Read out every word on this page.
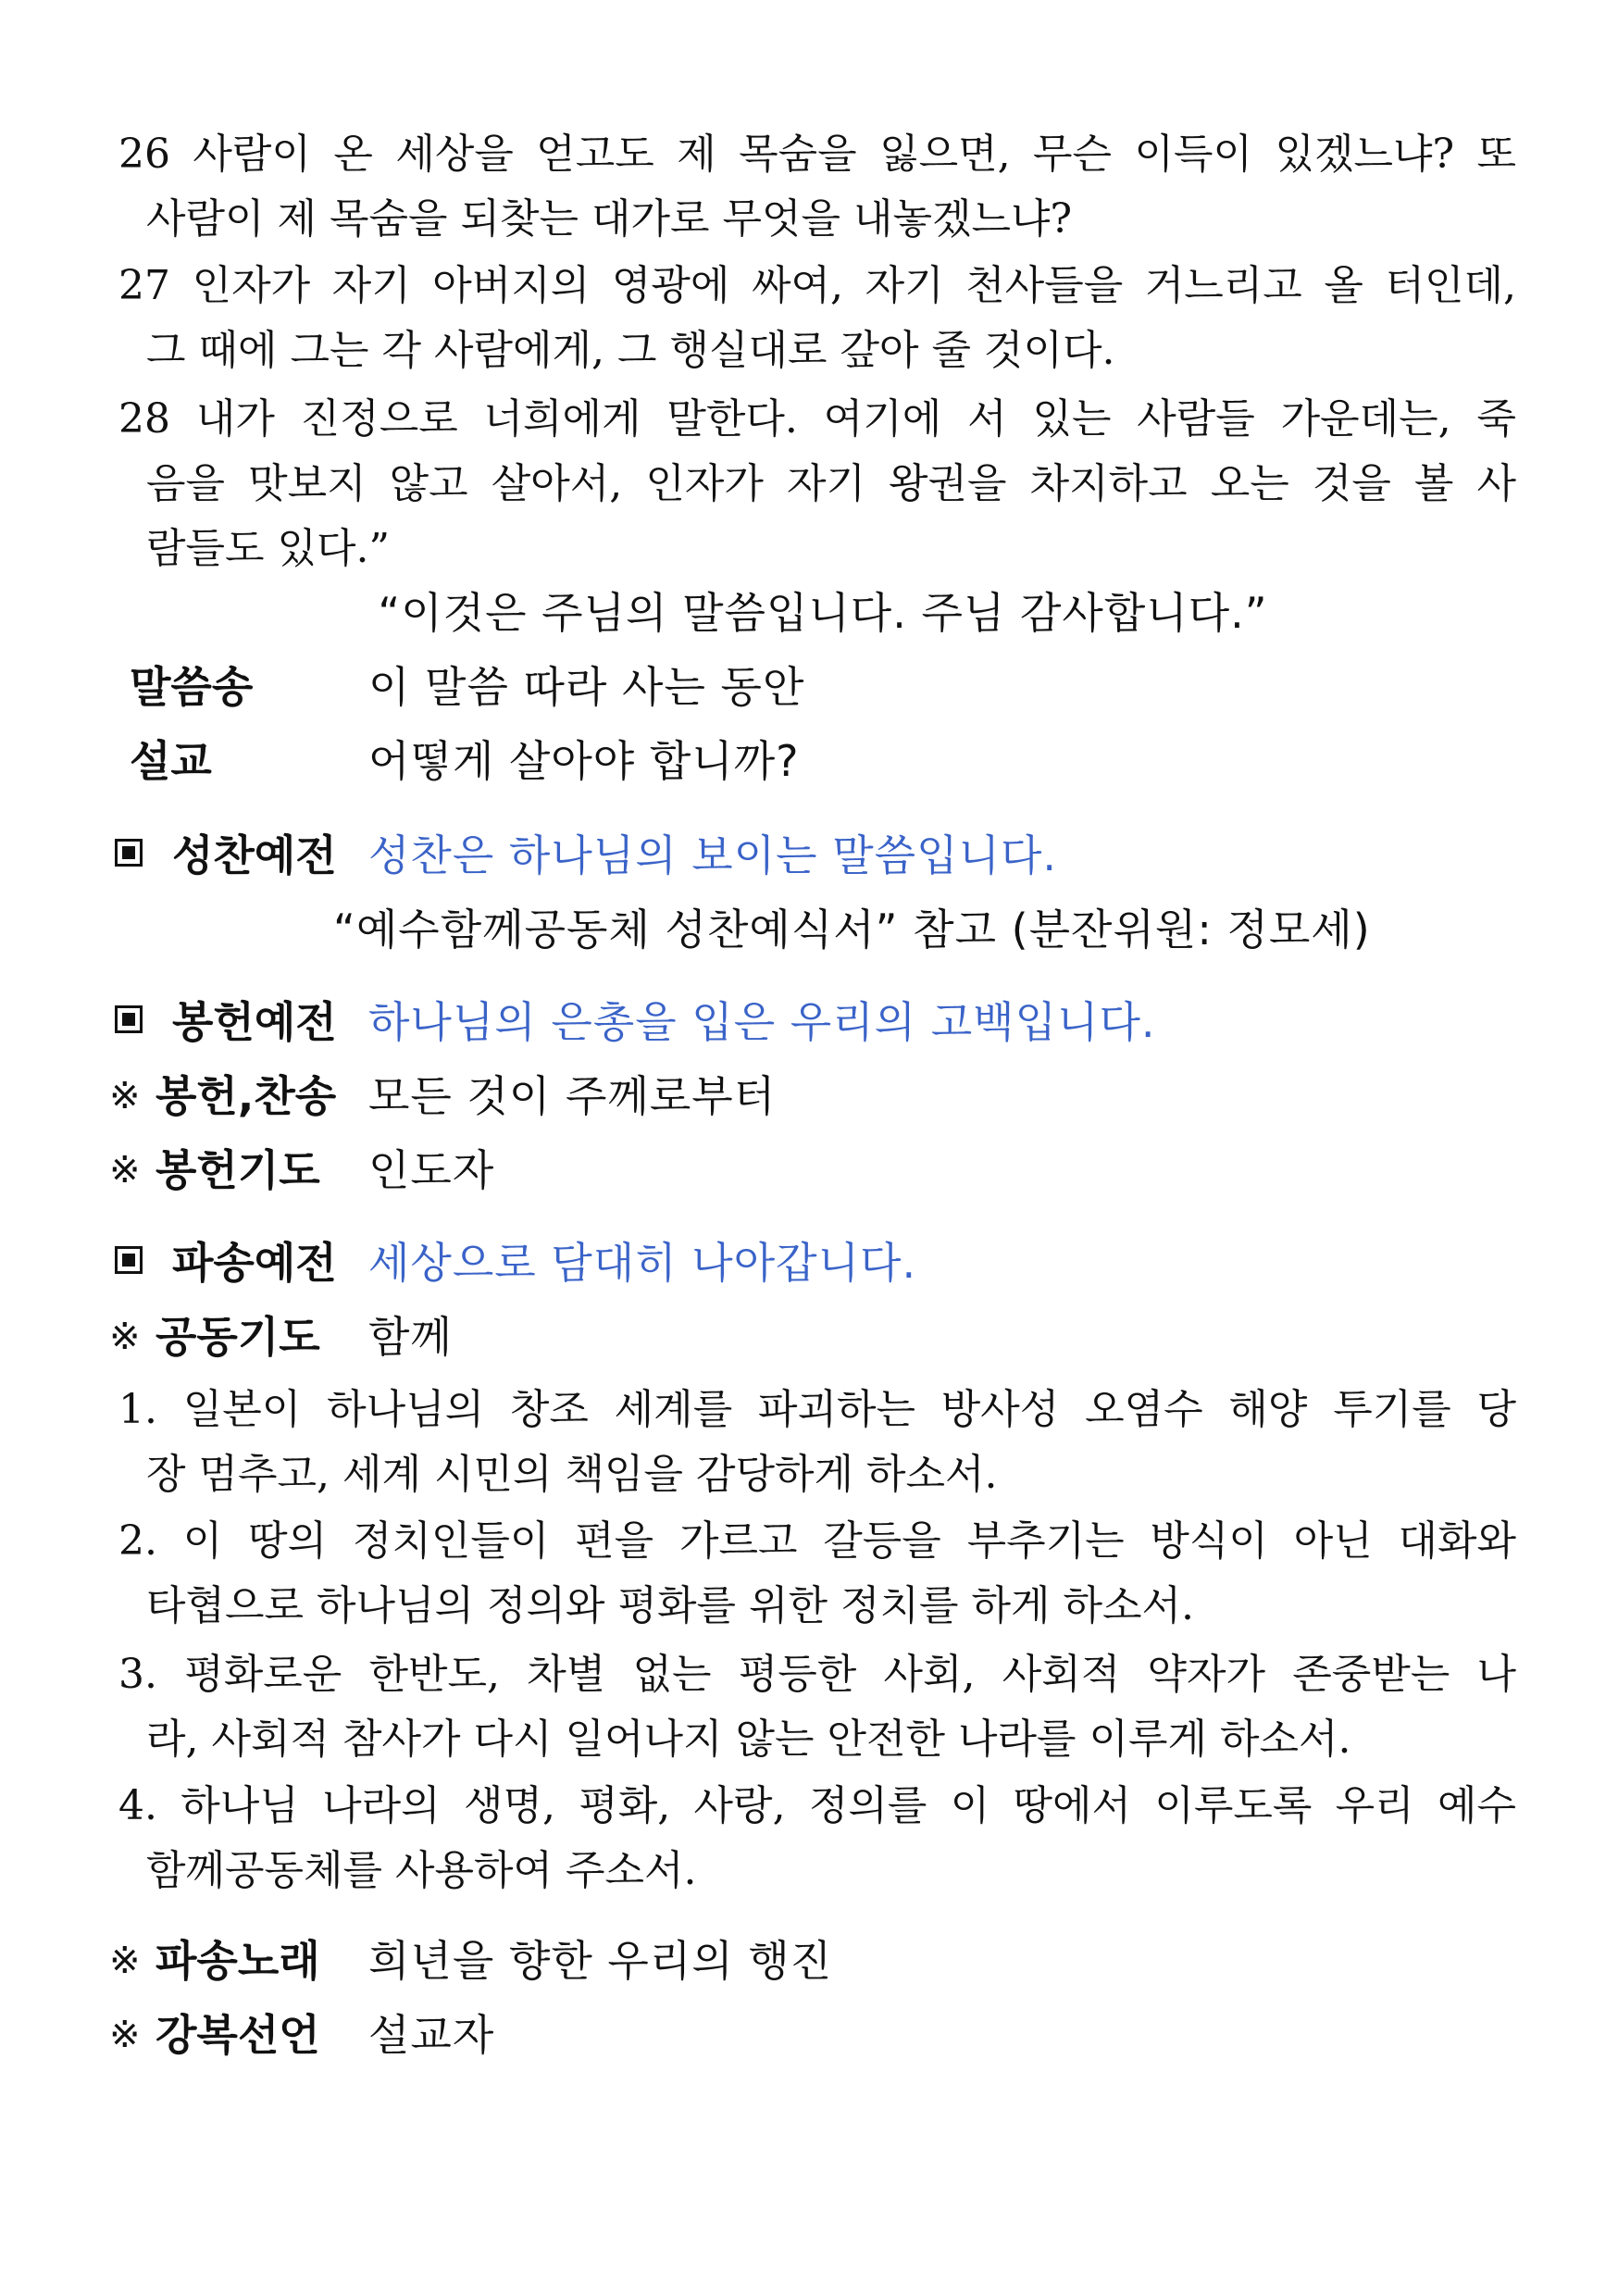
26 사람이 온 세상을 얻고도 제 목숨을 잃으면, 무슨 이득이 있겠느냐? 또
사람이 제 목숨을 되찾는 대가로 무엇을 내놓겠느냐?
27 인자가 자기 아버지의 영광에 싸여, 자기 천사들을 거느리고 올 터인데,
그 때에 그는 각 사람에게, 그 행실대로 갚아 줄 것이다.
28 내가 진정으로 너희에게 말한다. 여기에 서 있는 사람들 가운데는, 죽
음을 맛보지 않고 살아서, 인자가 자기 왕권을 차지하고 오는 것을 볼 사
람들도 있다.”
“이것은 주님의 말씀입니다. 주님 감사합니다.”
말씀송	이 말씀 따라 사는 동안
설교	어떻게 살아야 합니까?
성찬예전 성찬은 하나님의 보이는 말씀입니다.
“예수함께공동체 성찬예식서” 참고 (분잔위원: 정모세)
봉헌예전 하나님의 은총을 입은 우리의 고백입니다.
※ 봉헌,찬송 모든 것이 주께로부터
※ 봉헌기도 인도자
파송예전 세상으로 담대히 나아갑니다.
※ 공동기도 함께
1. 일본이 하나님의 창조 세계를 파괴하는 방사성 오염수 해양 투기를 당
장 멈추고, 세계 시민의 책임을 감당하게 하소서.
2. 이 땅의 정치인들이 편을 가르고 갈등을 부추기는 방식이 아닌 대화와
타협으로 하나님의 정의와 평화를 위한 정치를 하게 하소서.
3. 평화로운 한반도, 차별 없는 평등한 사회, 사회적 약자가 존중받는 나
라, 사회적 참사가 다시 일어나지 않는 안전한 나라를 이루게 하소서.
4. 하나님 나라의 생명, 평화, 사랑, 정의를 이 땅에서 이루도록 우리 예수
함께공동체를 사용하여 주소서.
※ 파송노래 희년을 향한 우리의 행진
※ 강복선언 설교자
